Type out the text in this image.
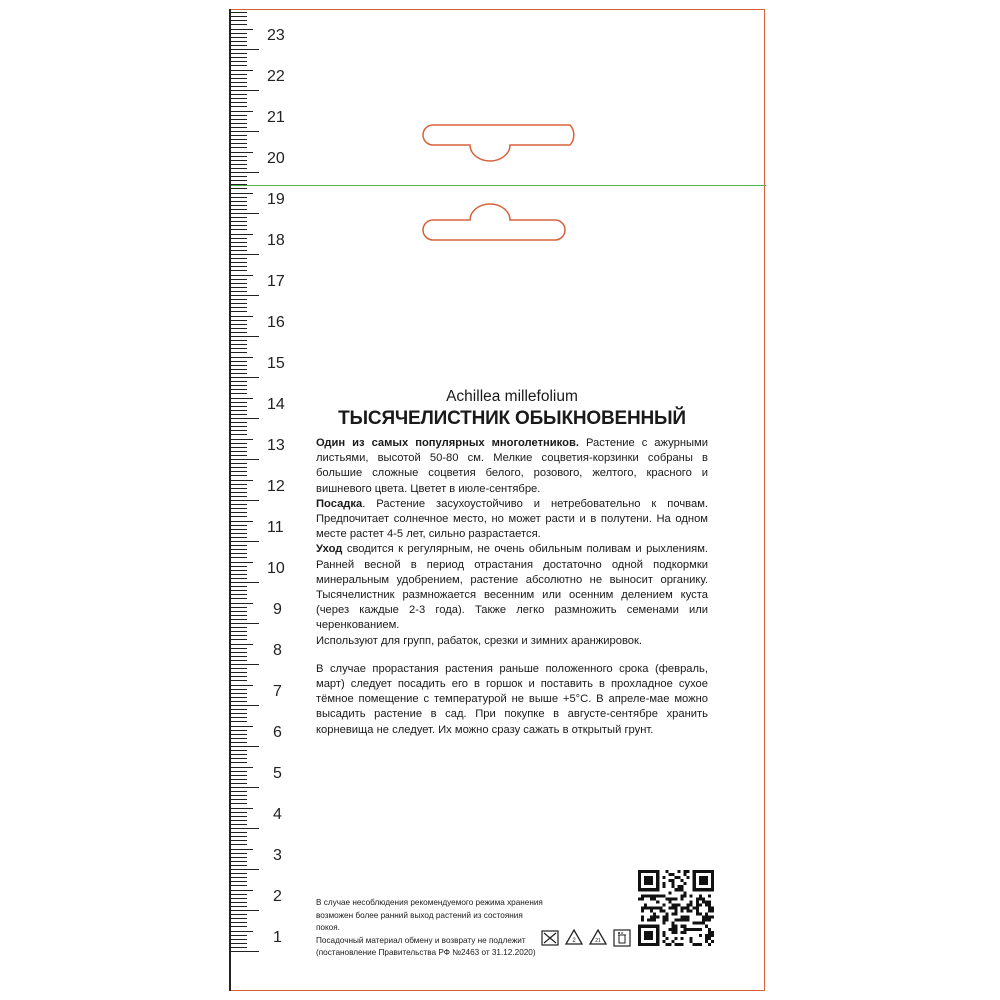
23
22
21
20
19
18
17
16
15
14
13
12
11
10
9
8
7
6
5
4
3
2
1

Achillea millefolium

ТЫСЯЧЕЛИСТНИК ОБЫКНОВЕННЫЙ

Один из самых популярных многолетников. Растение с ажурными листьями, высотой 50-80 см. Мелкие соцветия-корзинки собраны в большие сложные соцветия белого, розового, желтого, красного и вишневого цвета. Цветет в июле-сентябре.

Посадка. Растение засухоустойчиво и нетребовательно к почвам. Предпочитает солнечное место, но может расти и в полутени. На одном месте растет 4-5 лет, сильно разрастается.

Уход сводится к регулярным, не очень обильным поливам и рыхлениям. Ранней весной в период отрастания достаточно одной подкормки минеральным удобрением, растение абсолютно не выносит органику. Тысячелистник размножается весенним или осенним делением куста (через каждые 2-3 года). Также легко размножить семенами или черенкованием.

Используют для групп, рабаток, срезки и зимних аранжировок.

В случае прорастания растения раньше положенного срока (февраль, март) следует посадить его в горшок и поставить в прохладное сухое тёмное помещение с температурой не выше +5°С. В апреле-мае можно высадить растение в сад. При покупке в августе-сентябре хранить корневища не следует. Их можно сразу сажать в открытый грунт.

В случае несоблюдения рекомендуемого режима хранения
возможен более ранний выход растений из состояния покоя.
Посадочный материал обмену и возврату не подлежит
(постановление Правительства РФ №2463 от 31.12.2020)
2	21
